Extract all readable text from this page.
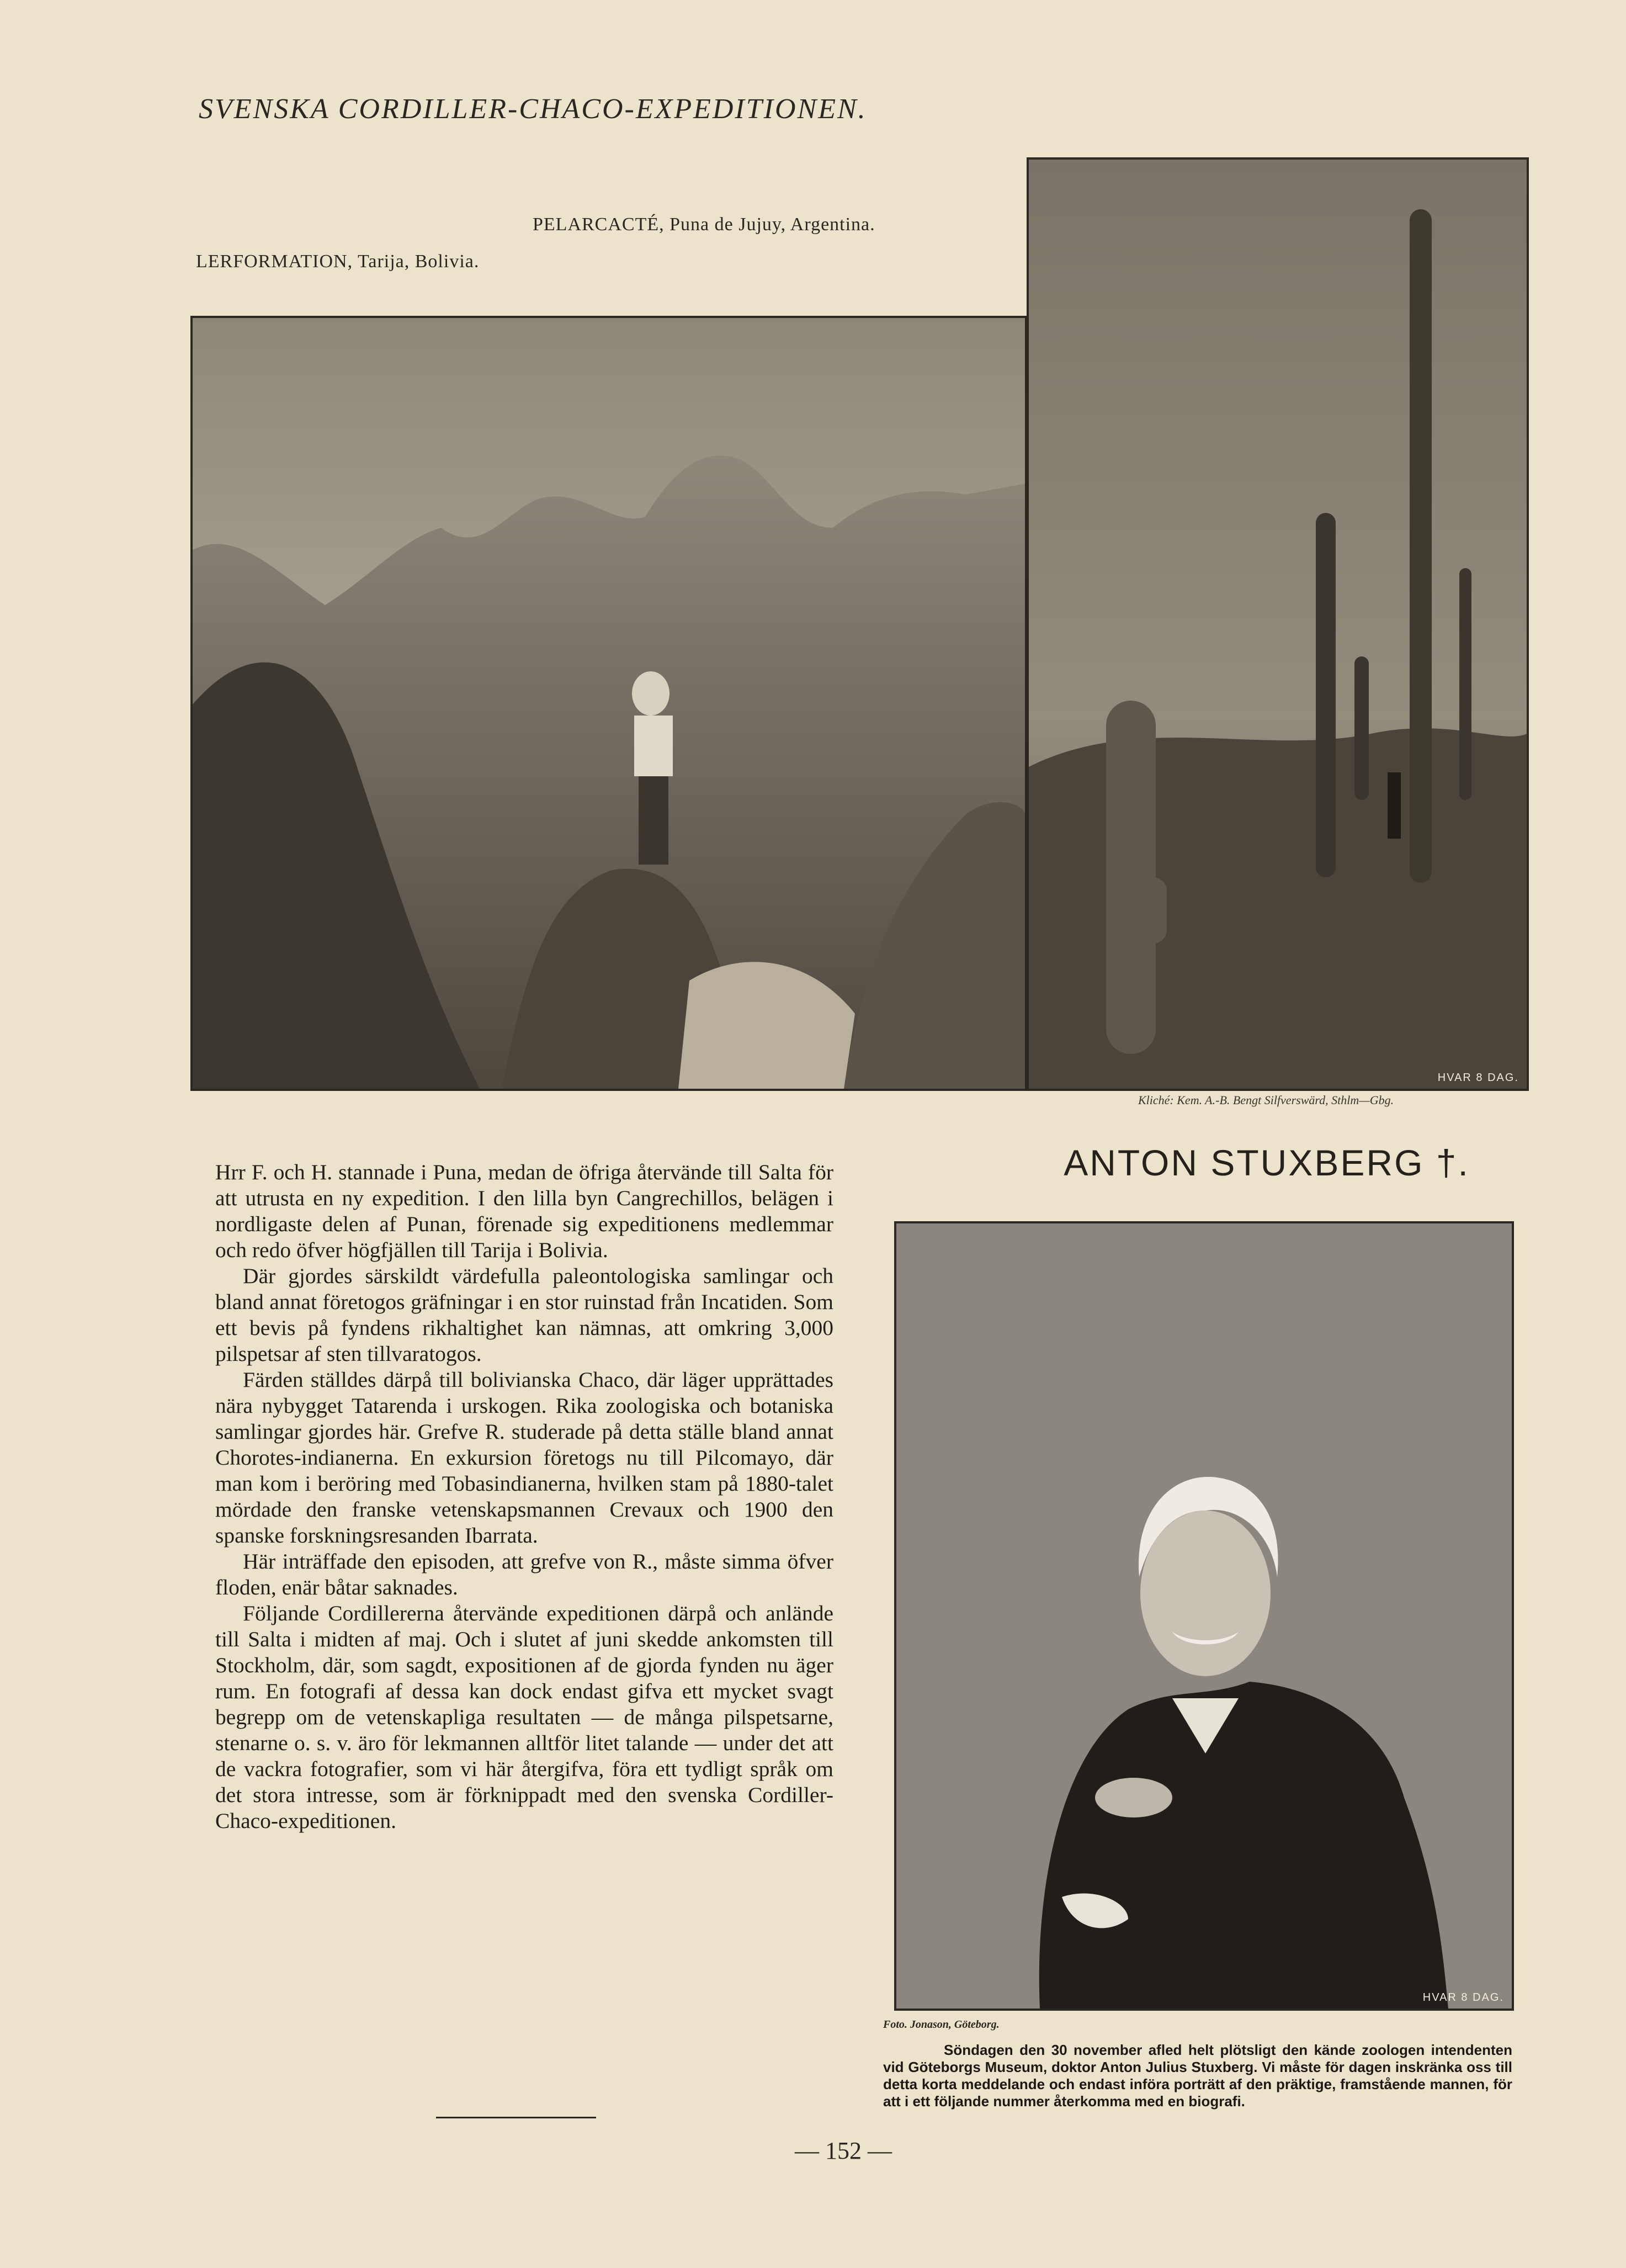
SVENSKA CORDILLER-CHACO-EXPEDITIONEN.
LERFORMATION, Tarija, Bolivia.
PELARCACTÉ, Puna de Jujuy, Argentina.
HVAR 8 DAG.
Kliché: Kem. A.-B. Bengt Silfverswärd, Sthlm—Gbg.
ANTON STUXBERG †.

Hrr F. och H. stannade i Puna, medan de öfriga återvände till Salta för att utrusta en ny expedition. I den lilla byn Cangrechillos, belägen i nordligaste delen af Punan, förenade sig expeditionens medlemmar och redo öfver högfjällen till Tarija i Bolivia.

Där gjordes särskildt värdefulla paleontologiska samlingar och bland annat företogos gräfningar i en stor ruinstad från Incatiden. Som ett bevis på fyndens rikhaltighet kan nämnas, att omkring 3,000 pilspetsar af sten tillvaratogos.

Färden ställdes därpå till bolivianska Chaco, där läger upprättades nära nybygget Tatarenda i urskogen. Rika zoologiska och botaniska samlingar gjordes här. Grefve R. studerade på detta ställe bland annat Chorotes-indianerna. En exkursion företogs nu till Pilcomayo, där man kom i beröring med Tobasindianerna, hvilken stam på 1880-talet mördade den franske vetenskapsmannen Crevaux och 1900 den spanske forskningsresanden Ibarrata.

Här inträffade den episoden, att grefve von R., måste simma öfver floden, enär båtar saknades.

Följande Cordillererna återvände expeditionen därpå och anlände till Salta i midten af maj. Och i slutet af juni skedde ankomsten till Stockholm, där, som sagdt, expositionen af de gjorda fynden nu äger rum. En fotografi af dessa kan dock endast gifva ett mycket svagt begrepp om de vetenskapliga resultaten — de många pilspetsarne, stenarne o. s. v. äro för lekmannen alltför litet talande — under det att de vackra fotografier, som vi här återgifva, föra ett tydligt språk om det stora intresse, som är förknippadt med den svenska Cordiller-Chaco-expeditionen.

HVAR 8 DAG.
Foto. Jonason, Göteborg.

Söndagen den 30 november afled helt plötsligt den kände zoologen intendenten vid Göteborgs Museum, doktor Anton Julius Stuxberg. Vi måste för dagen inskränka oss till detta korta meddelande och endast införa porträtt af den präktige, framstående mannen, för att i ett följande nummer återkomma med en biografi.

— 152 —
